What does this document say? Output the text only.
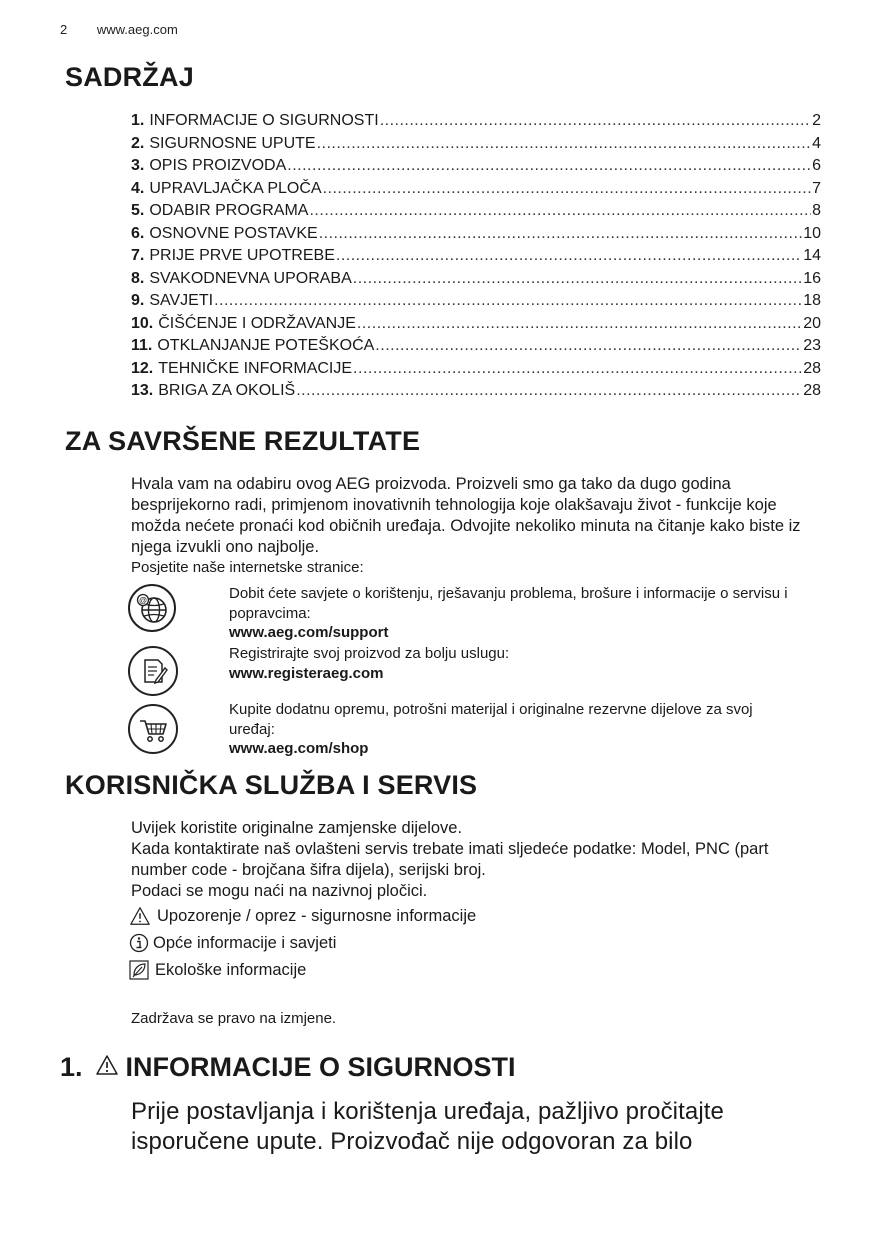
2 www.aeg.com
SADRŽAJ
1. INFORMACIJE O SIGURNOSTI .....	2
2. SIGURNOSNE UPUTE .....	4
3. OPIS PROIZVODA .....	6
4. UPRAVLJAČKA PLOČA .....	7
5. ODABIR PROGRAMA .....	8
6. OSNOVNE POSTAVKE .....	10
7. PRIJE PRVE UPOTREBE .....	14
8. SVAKODNEVNA UPORABA .....	16
9. SAVJETI .....	18
10. ČIŠĆENJE I ODRŽAVANJE .....	20
11. OTKLANJANJE POTEŠKOĆA .....	23
12. TEHNIČKE INFORMACIJE .....	28
13. BRIGA ZA OKOLIŠ .....	28
ZA SAVRŠENE REZULTATE
Hvala vam na odabiru ovog AEG proizvoda. Proizveli smo ga tako da dugo godina besprijekorno radi, primjenom inovativnih tehnologija koje olakšavaju život - funkcije koje možda nećete pronaći kod običnih uređaja. Odvojite nekoliko minuta na čitanje kako biste iz njega izvukli ono najbolje.
Posjetite naše internetske stranice:
@	Dobit ćete savjete o korištenju, rješavanju problema, brošure i informacije o servisu i popravcima:
www.aeg.com/support
Registrirajte svoj proizvod za bolju uslugu:
www.registeraeg.com
Kupite dodatnu opremu, potrošni materijal i originalne rezervne dijelove za svoj uređaj:
www.aeg.com/shop
KORISNIČKA SLUŽBA I SERVIS
Uvijek koristite originalne zamjenske dijelove.
Kada kontaktirate naš ovlašteni servis trebate imati sljedeće podatke: Model, PNC (part number code - brojčana šifra dijela), serijski broj.
Podaci se mogu naći na nazivnoj pločici.
Upozorenje / oprez - sigurnosne informacije
Opće informacije i savjeti
Ekološke informacije
Zadržava se pravo na izmjene.
1. INFORMACIJE O SIGURNOSTI
Prije postavljanja i korištenja uređaja, pažljivo pročitajte isporučene upute. Proizvođač nije odgovoran za bilo
